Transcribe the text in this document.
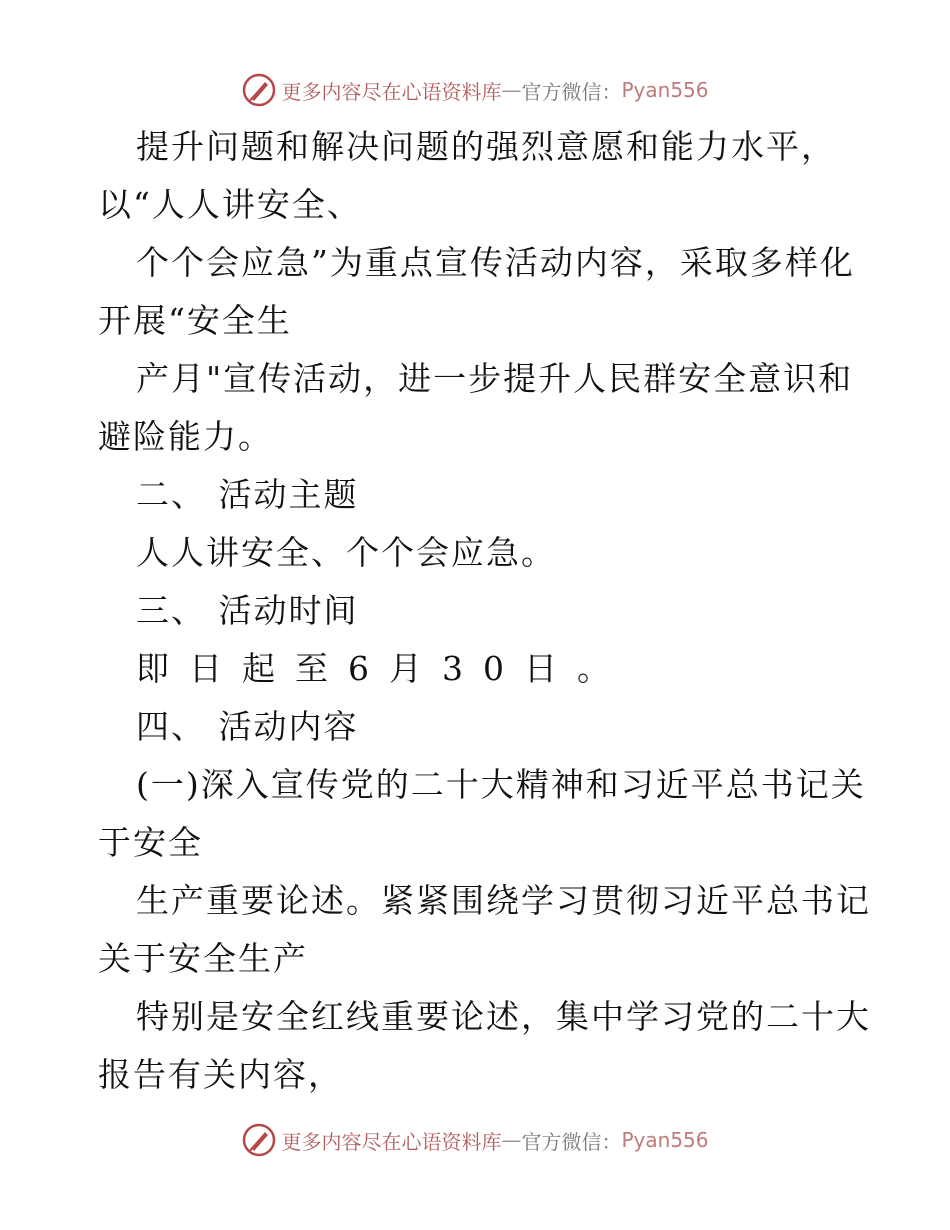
更多内容尽在心语资料库 — 官方微信： Pyan556
提升问题和解决问题的强烈意愿和能力水平，
以“人人讲安全、
个个会应急”为重点宣传活动内容，采取多样化
开展“安全生
产月"宣传活动，进一步提升人民群安全意识和
避险能力。
二、 活动主题
人人讲安全、个个会应急。
三、 活动时间
即日起至6月30日。
四、 活动内容
(一)深入宣传党的二十大精神和习近平总书记关
于安全
生产重要论述。紧紧围绕学习贯彻习近平总书记
关于安全生产
特别是安全红线重要论述，集中学习党的二十大
报告有关内容，
更多内容尽在心语资料库 — 官方微信： Pyan556
